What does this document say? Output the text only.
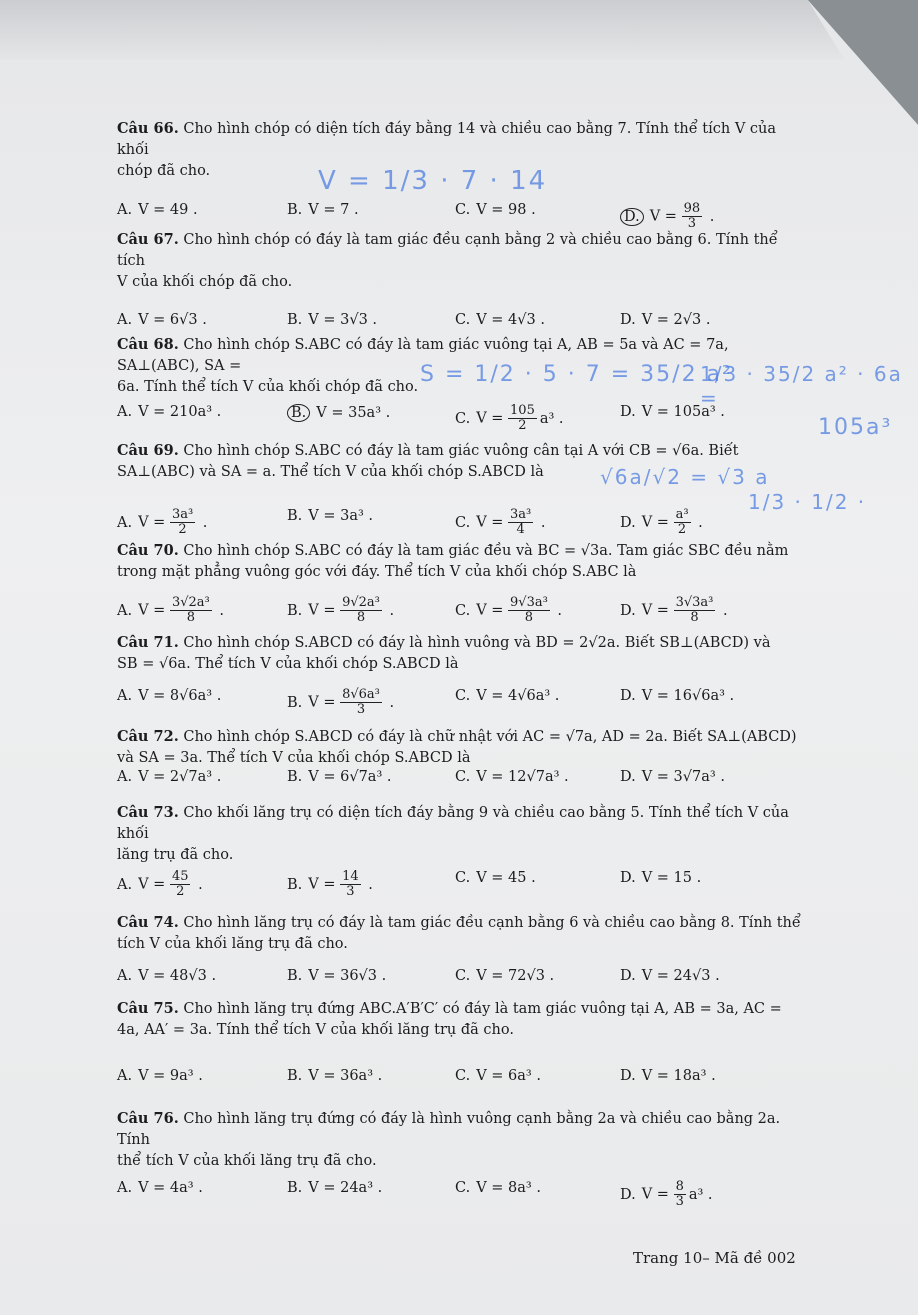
Câu 66. Cho hình chóp có diện tích đáy bằng 14 và chiều cao bằng 7. Tính thể tích V của khối
chóp đã cho.
A. V = 49 .	B. V = 7 .	C. V = 98 .	D. $V = \frac{98}{3}$ .
Câu 67. Cho hình chóp có đáy là tam giác đều cạnh bằng 2 và chiều cao bằng 6. Tính thể tích
V của khối chóp đã cho.
A. V = 6√3 .	B. V = 3√3 .	C. V = 4√3 .	D. V = 2√3 .
Câu 68. Cho hình chóp S.ABC có đáy là tam giác vuông tại A, AB = 5a và AC = 7a, SA⊥(ABC), SA =
6a. Tính thể tích V của khối chóp đã cho.
A. V = 210a³ .	B. V = 35a³ .	C. $V = \frac{105}{2} a^3$ .	D. V = 105a³ .
Câu 69. Cho hình chóp S.ABC có đáy là tam giác vuông cân tại A với CB = √6a. Biết
SA⊥(ABC) và SA = a. Thể tích V của khối chóp S.ABCD là
A. $V = \frac{\text{3a³}}{2}$ .	B. V = 3a³ .	C. $V = \frac{\text{3a³}}{4}$ .	D. $V = \frac{\text{a³}}{2}$ .
Câu 70. Cho hình chóp S.ABC có đáy là tam giác đều và BC = √3a. Tam giác SBC đều nằm
trong mặt phẳng vuông góc với đáy. Thể tích V của khối chóp S.ABC là
A. $V = \frac{\text{3√2a³}}{8}$ .	B. $V = \frac{\text{9√2a³}}{8}$ .	C. $V = \frac{\text{9√3a³}}{8}$ .	D. $V = \frac{\text{3√3a³}}{8}$ .
Câu 71. Cho hình chóp S.ABCD có đáy là hình vuông và BD = 2√2a. Biết SB⊥(ABCD) và
SB = √6a. Thể tích V của khối chóp S.ABCD là
A. V = 8√6a³ .	B. $V = \frac{\text{8√6a³}}{3}$ .	C. V = 4√6a³ .	D. V = 16√6a³ .
Câu 72. Cho hình chóp S.ABCD có đáy là chữ nhật với AC = √7a, AD = 2a. Biết SA⊥(ABCD)
và SA = 3a. Thể tích V của khối chóp S.ABCD là
A. V = 2√7a³ .	B. V = 6√7a³ .	C. V = 12√7a³ .	D. V = 3√7a³ .
Câu 73. Cho khối lăng trụ có diện tích đáy bằng 9 và chiều cao bằng 5. Tính thể tích V của khối
lăng trụ đã cho.
A. $V = \frac{45}{2}$ .	B. $V = \frac{14}{3}$ .	C. V = 45 .	D. V = 15 .
Câu 74. Cho hình lăng trụ có đáy là tam giác đều cạnh bằng 6 và chiều cao bằng 8. Tính thể
tích V của khối lăng trụ đã cho.
A. V = 48√3 .	B. V = 36√3 .	C. V = 72√3 .	D. V = 24√3 .
Câu 75. Cho hình lăng trụ đứng ABC.A′B′C′ có đáy là tam giác vuông tại A, AB = 3a, AC =
4a, AA′ = 3a. Tính thể tích V của khối lăng trụ đã cho.
A. V = 9a³ .	B. V = 36a³ .	C. V = 6a³ .	D. V = 18a³ .
Câu 76. Cho hình lăng trụ đứng có đáy là hình vuông cạnh bằng 2a và chiều cao bằng 2a. Tính
thể tích V của khối lăng trụ đã cho.
A. V = 4a³ .	B. V = 24a³ .	C. V = 8a³ .	D. $V = \frac{8}{3} a^3$ .
V = 1/3 · 7 · 14
S = 1/2 · 5 · 7 = 35/2 a²
1/3 · 35/2 a² · 6a =
105a³
√6a/√2 = √3 a
1/3 · 1/2 ·
Trang 10– Mã đề 002
